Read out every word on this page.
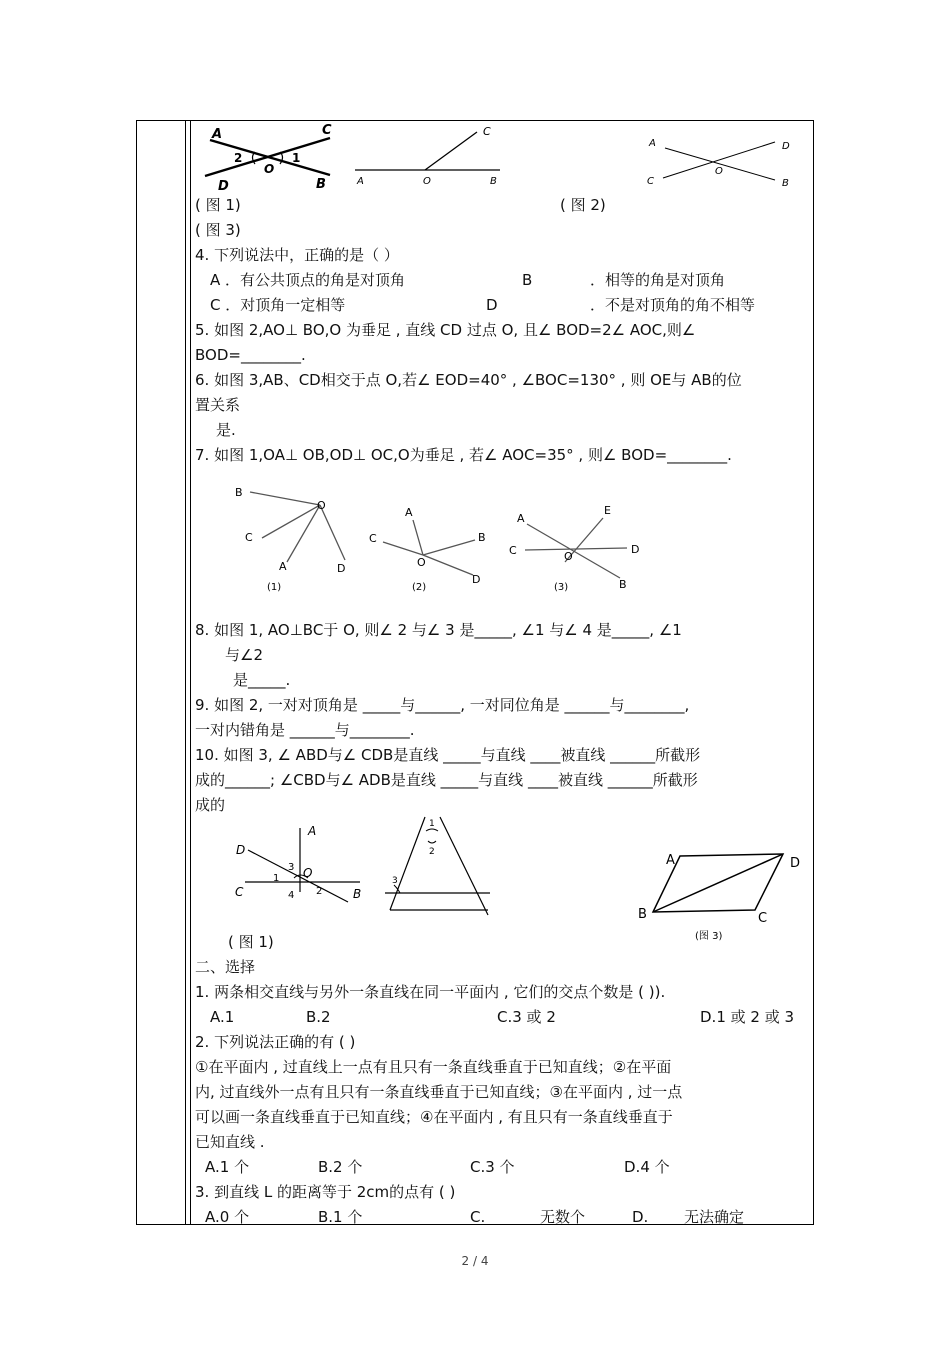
A	C
2	1
O
D	B
C
A	O	B
A	D
O
C	B
( 图 1)	( 图 2)
( 图 3)
4. 下列说法中，正确的是（ ）
A ．有公共顶点的角是对顶角	B	．相等的角是对顶角
C ．对顶角一定相等	D	．不是对顶角的角不相等
5. 如图 2,AO⊥ BO,O 为垂足 , 直线 CD 过点 O, 且∠ BOD=2∠ AOC,则∠
BOD=________.
6. 如图 3,AB、CD相交于点 O,若∠ EOD=40° , ∠BOC=130° , 则 OE与 AB的位
置关系
是.
7. 如图 1,OA⊥ OB,OD⊥ OC,O为垂足 , 若∠ AOC=35° , 则∠ BOD=________.
B
O
C
A	D
(1)
A
C	B
O
D
(2)
A
E
C	O
D
B
(3)
8. 如图 1, AO⊥BC于 O, 则∠ 2 与∠ 3 是_____, ∠1 与∠ 4 是_____, ∠1
与∠2
是_____.
9. 如图 2, 一对对顶角是 _____与______, 一对同位角是 ______与________,
一对内错角是 ______与________.
10. 如图 3, ∠ ABD与∠ CDB是直线 _____与直线 ____被直线 ______所截形
成的______; ∠CBD与∠ ADB是直线 _____与直线 ____被直线 ______所截形
成的
A
D
3 O
1
C	2
4	B
1
2
3
A	D
B	C
(图 3)
( 图 1)
二、选择
1. 两条相交直线与另外一条直线在同一平面内 , 它们的交点个数是 ( )).
A.1	B.2	C.3 或 2	D.1 或 2 或 3
2. 下列说法正确的有 ( )
①在平面内 , 过直线上一点有且只有一条直线垂直于已知直线；②在平面
内, 过直线外一点有且只有一条直线垂直于已知直线；③在平面内 , 过一点
可以画一条直线垂直于已知直线；④在平面内 , 有且只有一条直线垂直于
已知直线 .
A.1 个	B.2 个	C.3 个	D.4 个
3. 到直线 L 的距离等于 2cm的点有 ( )
A.0 个	B.1 个	C.	无数个	D. 无法确定
2 / 4
